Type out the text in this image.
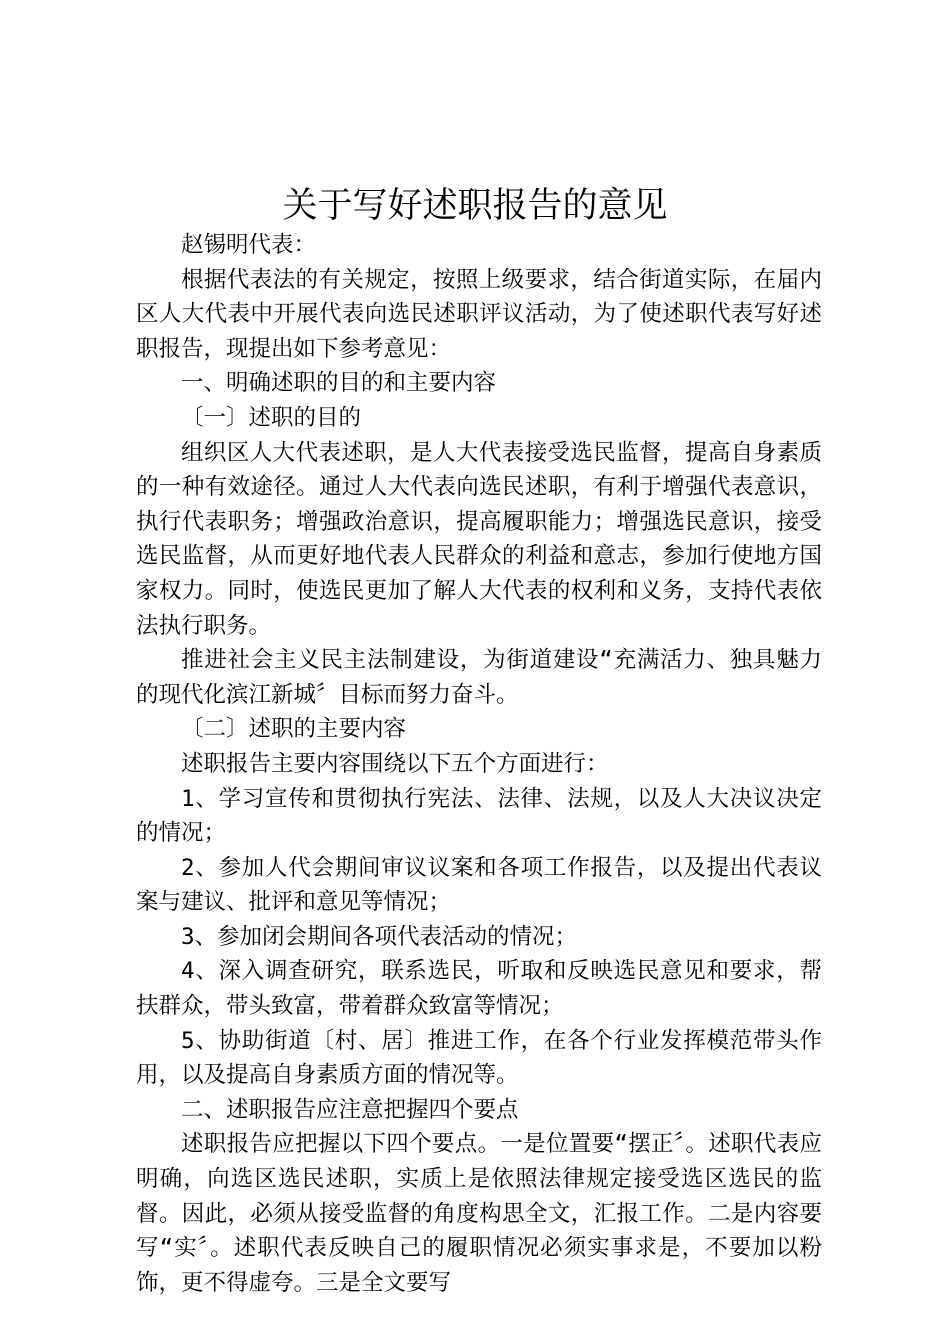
关于写好述职报告的意见

赵锡明代表：

根据代表法的有关规定，按照上级要求，结合街道实际，在届内区人大代表中开展代表向选民述职评议活动，为了使述职代表写好述职报告，现提出如下参考意见：

一、明确述职的目的和主要内容

〔一〕述职的目的

组织区人大代表述职，是人大代表接受选民监督，提高自身素质的一种有效途径。通过人大代表向选民述职，有利于增强代表意识，执行代表职务；增强政治意识，提高履职能力；增强选民意识，接受选民监督，从而更好地代表人民群众的利益和意志，参加行使地方国家权力。同时，使选民更加了解人大代表的权利和义务，支持代表依法执行职务。

推进社会主义民主法制建设，为街道建设“充满活力、独具魅力的现代化滨江新城〞目标而努力奋斗。

〔二〕述职的主要内容

述职报告主要内容围绕以下五个方面进行：

1、学习宣传和贯彻执行宪法、法律、法规，以及人大决议决定的情况；

2、参加人代会期间审议议案和各项工作报告，以及提出代表议案与建议、批评和意见等情况；

3、参加闭会期间各项代表活动的情况；

4、深入调查研究，联系选民，听取和反映选民意见和要求，帮扶群众，带头致富，带着群众致富等情况；

5、协助街道〔村、居〕推进工作，在各个行业发挥模范带头作用，以及提高自身素质方面的情况等。

二、述职报告应注意把握四个要点

述职报告应把握以下四个要点。一是位置要“摆正〞。述职代表应明确，向选区选民述职，实质上是依照法律规定接受选区选民的监督。因此，必须从接受监督的角度构思全文，汇报工作。二是内容要写“实〞。述职代表反映自己的履职情况必须实事求是，不要加以粉饰，更不得虚夸。三是全文要写
